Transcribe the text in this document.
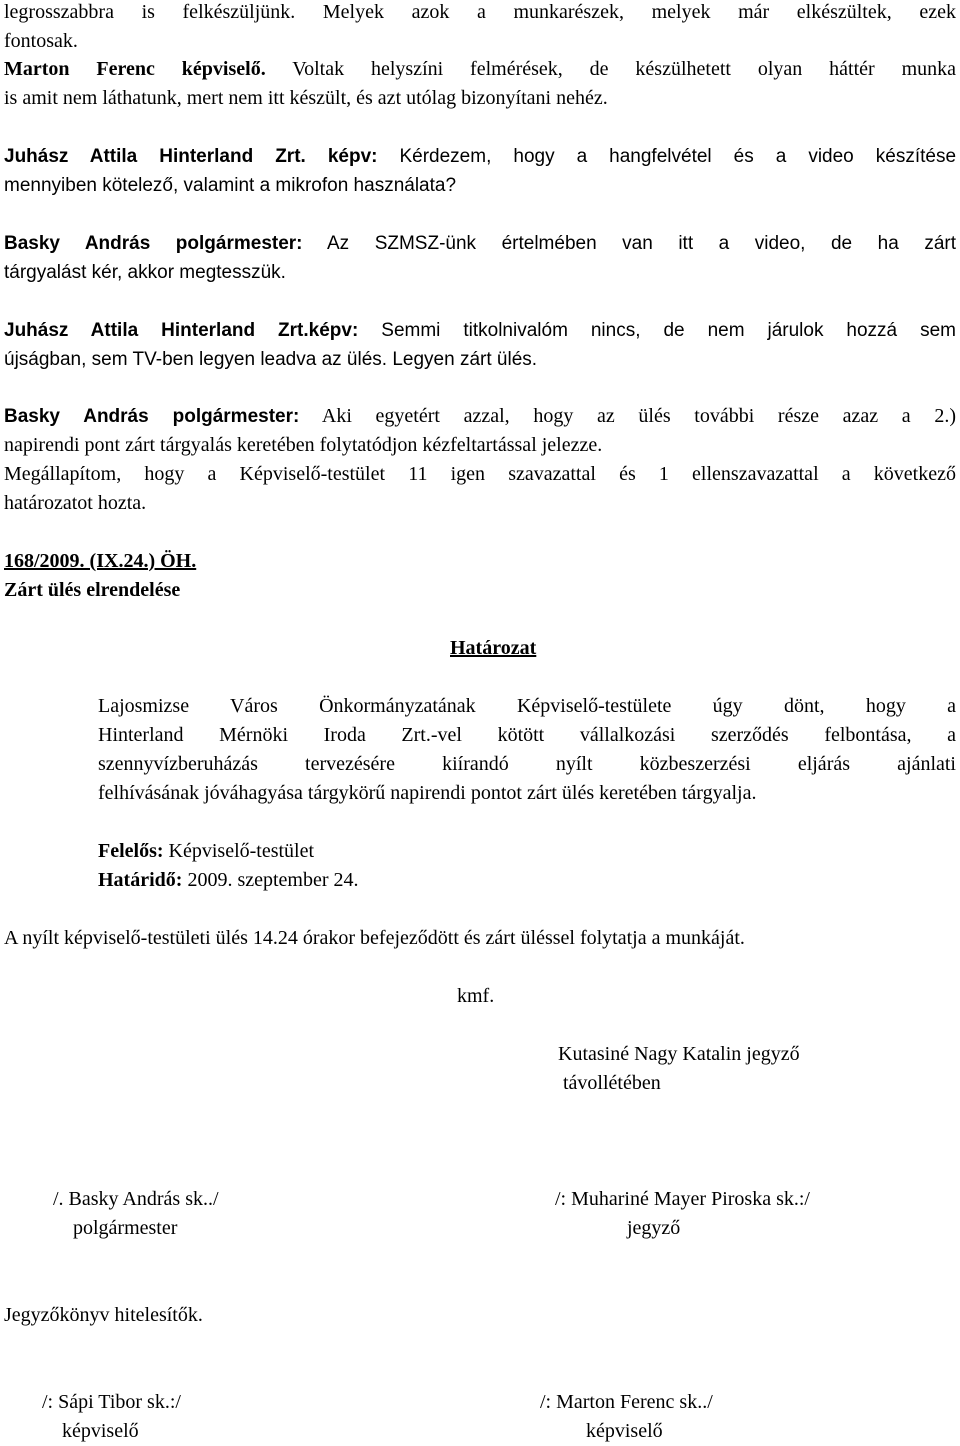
legrosszabbra is felkészüljünk. Melyek azok a munkarészek, melyek már elkészültek, ezek
fontosak.
Marton Ferenc képviselő. Voltak helyszíni felmérések, de készülhetett olyan háttér munka
is amit nem láthatunk, mert nem itt készült, és azt utólag bizonyítani nehéz.
Juhász Attila Hinterland Zrt. képv: Kérdezem, hogy a hangfelvétel és a video készítése
mennyiben kötelező, valamint a mikrofon használata?
Basky András polgármester: Az SZMSZ-ünk értelmében van itt a video, de ha zárt
tárgyalást kér, akkor megtesszük.
Juhász Attila Hinterland Zrt.képv: Semmi titkolnivalóm nincs, de nem járulok hozzá sem
újságban, sem TV-ben legyen leadva az ülés. Legyen zárt ülés.
Basky András polgármester: Aki egyetért azzal, hogy az ülés további része azaz a 2.)
napirendi pont zárt tárgyalás keretében folytatódjon kézfeltartással jelezze.
Megállapítom, hogy a Képviselő-testület 11 igen szavazattal és 1 ellenszavazattal a következő
határozatot hozta.

168/2009. (IX.24.) ÖH.

Zárt ülés elrendelése

Határozat

Lajosmizse Város Önkormányzatának Képviselő-testülete úgy dönt, hogy a
Hinterland Mérnöki Iroda Zrt.-vel kötött vállalkozási szerződés felbontása, a
szennyvízberuházás tervezésére kiírandó nyílt közbeszerzési eljárás ajánlati
felhívásának jóváhagyása tárgykörű napirendi pontot zárt ülés keretében tárgyalja.

Felelős: Képviselő-testület

Határidő: 2009. szeptember 24.

A nyílt képviselő-testületi ülés 14.24 órakor befejeződött és zárt üléssel folytatja a munkáját.

kmf.

Kutasiné Nagy Katalin jegyző

távollétében

/. Basky András sk../

polgármester

/: Muhariné Mayer Piroska sk.:/

jegyző

Jegyzőkönyv hitelesítők.

/: Sápi Tibor sk.:/

képviselő

/: Marton Ferenc sk../

képviselő
